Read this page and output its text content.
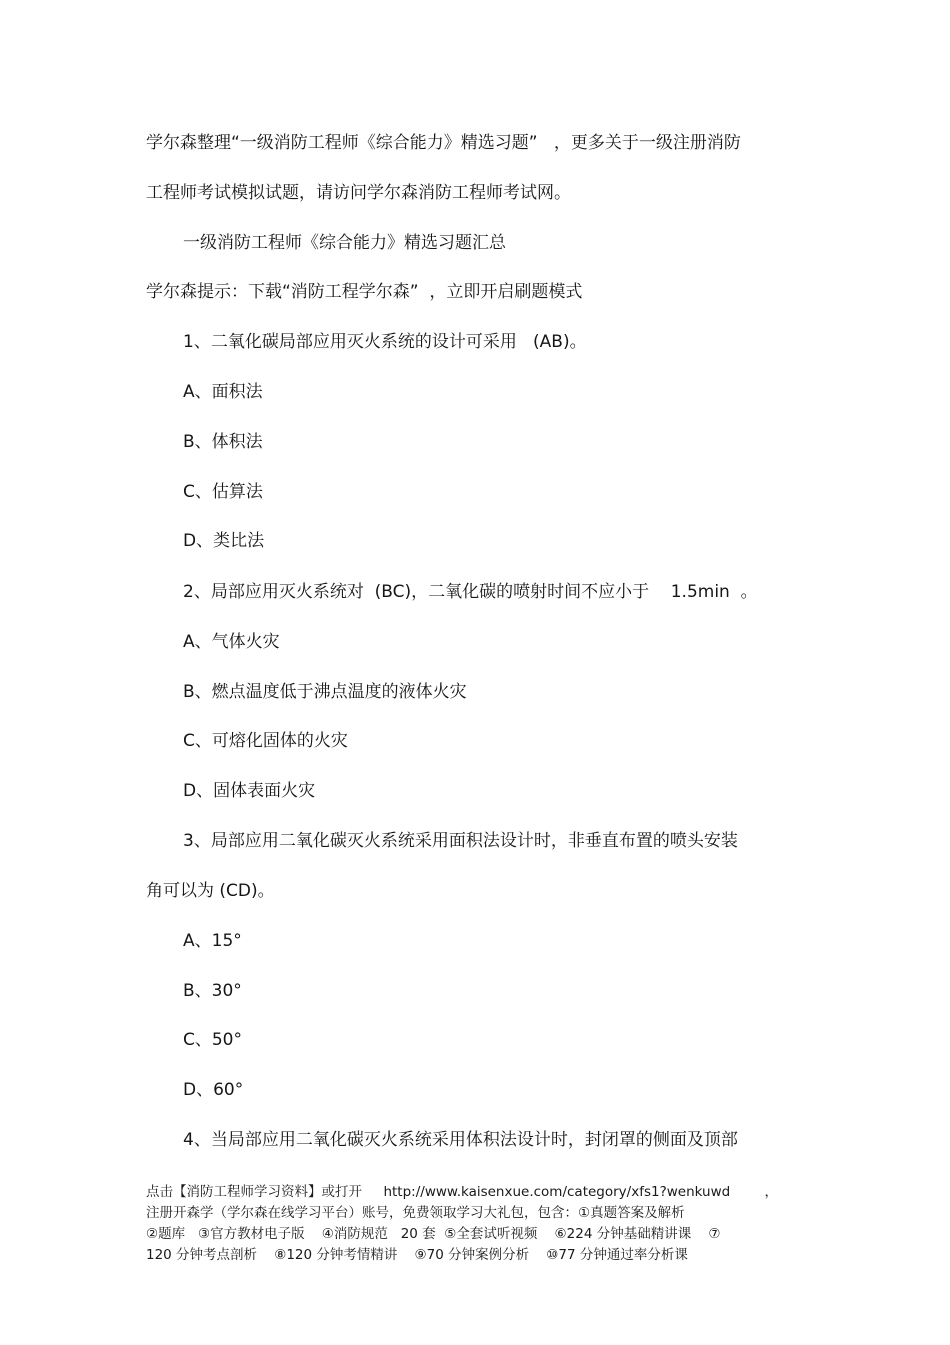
学尔森整理“一级消防工程师《综合能力》精选习题”   ，更多关于一级注册消防
工程师考试模拟试题，请访问学尔森消防工程师考试网。
一级消防工程师《综合能力》精选习题汇总
学尔森提示：下载“消防工程学尔森”  ，立即开启刷题模式
1、二氧化碳局部应用灭火系统的设计可采用   (AB)。
A、面积法
B、体积法
C、估算法
D、类比法
2、局部应用灭火系统对  (BC)，二氧化碳的喷射时间不应小于    1.5min  。
A、气体火灾
B、燃点温度低于沸点温度的液体火灾
C、可熔化固体的火灾
D、固体表面火灾
3、局部应用二氧化碳灭火系统采用面积法设计时，非垂直布置的喷头安装
角可以为 (CD)。
A、15°
B、30°
C、50°
D、60°
4、当局部应用二氧化碳灭火系统采用体积法设计时，封闭罩的侧面及顶部
点击【消防工程师学习资料】或打开     http://www.kaisenxue.com/category/xfs1?wenkuwd        ，
注册开森学（学尔森在线学习平台）账号，免费领取学习大礼包，包含：①真题答案及解析
②题库   ③官方教材电子版    ④消防规范   20 套  ⑤全套试听视频    ⑥224 分钟基础精讲课    ⑦
120 分钟考点剖析    ⑧120 分钟考情精讲    ⑨70 分钟案例分析    ⑩77 分钟通过率分析课
